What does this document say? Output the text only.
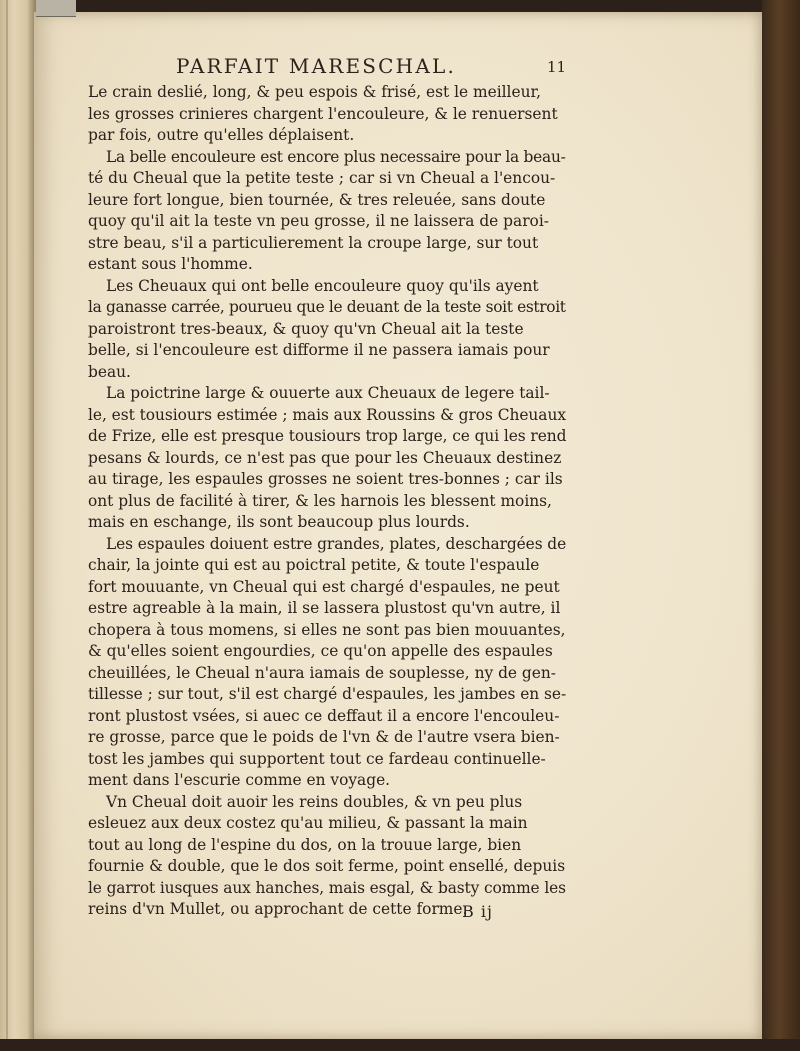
PARFAIT MARESCHAL.	11
Le crain deslié, long, & peu espois & frisé, est le meilleur,
les grosses crinieres chargent l'encouleure, & le renuersent
par fois, outre qu'elles déplaisent.
La belle encouleure est encore plus necessaire pour la beau-
té du Cheual que la petite teste ; car si vn Cheual a l'encou-
leure fort longue, bien tournée, & tres releuée, sans doute
quoy qu'il ait la teste vn peu grosse, il ne laissera de paroi-
stre beau, s'il a particulierement la croupe large, sur tout
estant sous l'homme.
Les Cheuaux qui ont belle encouleure quoy qu'ils ayent
la ganasse carrée, pourueu que le deuant de la teste soit estroit
paroistront tres-beaux, & quoy qu'vn Cheual ait la teste
belle, si l'encouleure est difforme il ne passera iamais pour
beau.
La poictrine large & ouuerte aux Cheuaux de legere tail-
le, est tousiours estimée ; mais aux Roussins & gros Cheuaux
de Frize, elle est presque tousiours trop large, ce qui les rend
pesans & lourds, ce n'est pas que pour les Cheuaux destinez
au tirage, les espaules grosses ne soient tres-bonnes ; car ils
ont plus de facilité à tirer, & les harnois les blessent moins,
mais en eschange, ils sont beaucoup plus lourds.
Les espaules doiuent estre grandes, plates, deschargées de
chair, la jointe qui est au poictral petite, & toute l'espaule
fort mouuante, vn Cheual qui est chargé d'espaules, ne peut
estre agreable à la main, il se lassera plustost qu'vn autre, il
chopera à tous momens, si elles ne sont pas bien mouuantes,
& qu'elles soient engourdies, ce qu'on appelle des espaules
cheuillées, le Cheual n'aura iamais de souplesse, ny de gen-
tillesse ; sur tout, s'il est chargé d'espaules, les jambes en se-
ront plustost vsées, si auec ce deffaut il a encore l'encouleu-
re grosse, parce que le poids de l'vn & de l'autre vsera bien-
tost les jambes qui supportent tout ce fardeau continuelle-
ment dans l'escurie comme en voyage.
Vn Cheual doit auoir les reins doubles, & vn peu plus
esleuez aux deux costez qu'au milieu, & passant la main
tout au long de l'espine du dos, on la trouue large, bien
fournie & double, que le dos soit ferme, point ensellé, depuis
le garrot iusques aux hanches, mais esgal, & basty comme les
reins d'vn Mullet, ou approchant de cette forme.
B ij
